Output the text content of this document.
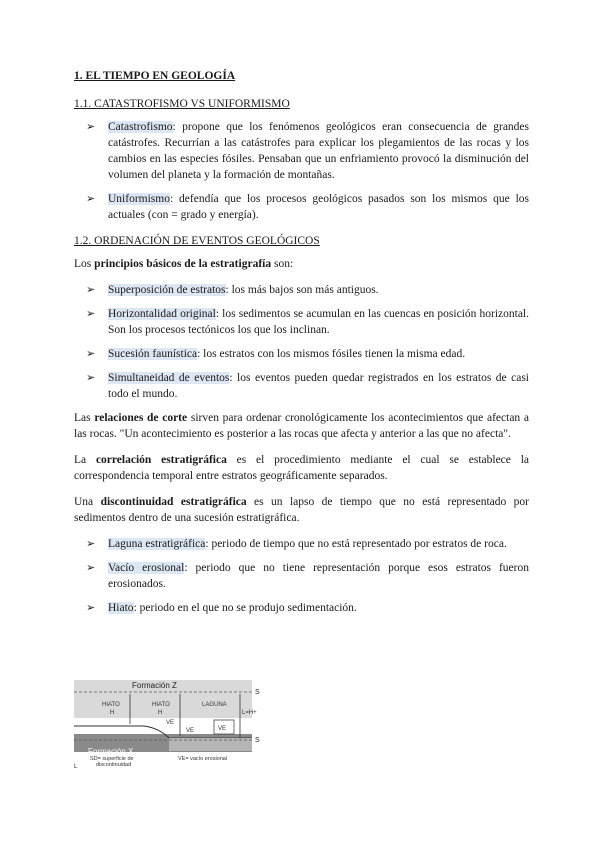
1. EL TIEMPO EN GEOLOGÍA
1.1. CATASTROFISMO VS UNIFORMISMO
➢ Catastrofismo: propone que los fenómenos geológicos eran consecuencia de grandes catástrofes. Recurrían a las catástrofes para explicar los plegamientos de las rocas y los cambios en las especies fósiles. Pensaban que un enfriamiento provocó la disminución del volumen del planeta y la formación de montañas.
➢ Uniformismo: defendía que los procesos geológicos pasados son los mismos que los actuales (con = grado y energía).
1.2. ORDENACIÓN DE EVENTOS GEOLÓGICOS

Los principios básicos de la estratigrafía son:

➢ Superposición de estratos: los más bajos son más antiguos.
➢ Horizontalidad original: los sedimentos se acumulan en las cuencas en posición horizontal. Son los procesos tectónicos los que los inclinan.
➢ Sucesión faunística: los estratos con los mismos fósiles tienen la misma edad.
➢ Simultaneidad de eventos: los eventos pueden quedar registrados en los estratos de casi todo el mundo.

Las relaciones de corte sirven para ordenar cronológicamente los acontecimientos que afectan a las rocas. "Un acontecimiento es posterior a las rocas que afecta y anterior a las que no afecta".

La correlación estratigráfica es el procedimiento mediante el cual se establece la correspondencia temporal entre estratos geográficamente separados.

Una discontinuidad estratigráfica es un lapso de tiempo que no está representado por sedimentos dentro de una sucesión estratigráfica.

➢ Laguna estratigráfica: periodo de tiempo que no está representado por estratos de roca.
➢ Vacío erosional: periodo que no tiene representación porque esos estratos fueron erosionados.
➢ Hiato: periodo en el que no se produjo sedimentación.
Formación Z
Formación X
HIATO
H
HIATO
H
LAGUNA
L=H+
VE
VE	VE
S
S
SD= superficie de
discontinuidad
VE= vacío erosional
L
